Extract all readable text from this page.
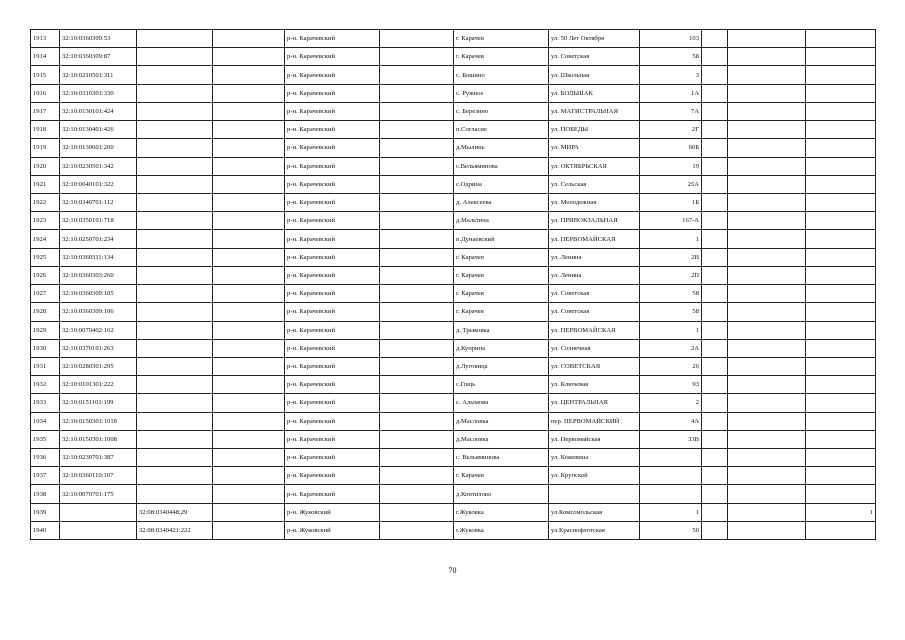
1913	32:10:0360309:53			р-н. Карачевский		г. Карачев	ул. 50 Лет Октября	103			
1914	32:10:0360309:87			р-н. Карачевский		г. Карачев	ул. Советская	58			
1915	32:10:0210501:311			р-н. Карачевский		с. Бошино	ул. Школьная	3			
1916	32:10:0310301:330			р-н. Карачевский		с. Ружное	ул. БОЛЬШАК	1А			
1917	32:10:0130101:424			р-н. Карачевский		с. Березино	ул. МАГИСТРАЛЬНАЯ	7А			
1918	32:10:0130401:426			р-н. Карачевский		п.Согласие	ул. ПОБЕДЫ	2Г			
1919	32:10:0130601:200			р-н. Карачевский		д.Мылинь	ул. МИРА	60Б			
1920	32:10:0230501:342			р-н. Карачевский		с.Вельяминова	ул. ОКТЯБРЬСКАЯ	19			
1921	32:10:0040101:322			р-н. Карачевский		с.Одрина	ул. Сельская	25А			
1922	32:10:0340701:112			р-н. Карачевский		д. Алексеева	ул. Молодежная	1Б			
1923	32:10:0350101:718			р-н. Карачевский		д.Мальтина	ул. ПРИВОКЗАЛЬНАЯ	167-А			
1924	32:10:0250701:234			р-н. Карачевский		п.Дунаевский	ул. ПЕРВОМАЙСКАЯ	1			
1925	32:10:0360311:134			р-н. Карачевский		г. Карачев	ул. Ленина	2В			
1926	32:10:0360303:260			р-н. Карачевский		г. Карачев	ул. Ленина	2П			
1927	32:10:0360309:105			р-н. Карачевский		г. Карачев	ул. Советская	58			
1928	32:10:0360309:106			р-н. Карачевский		г. Карачев	ул. Советская	58			
1929	32:10:0070402:162			р-н. Карачевский		д. Трыковка	ул. ПЕРВОМАЙСКАЯ	1			
1930	32:10:0370101:263			р-н. Карачевский		д.Куприна	ул. Солнечная	2А			
1931	32:10:0280301:295			р-н. Карачевский		д.Луговица	ул. СОВЕТСКАЯ	26			
1932	32:10:0101301:222			р-н. Карачевский		с.Гощь	ул. Ключевая	93			
1933	32:10:0151101:199			р-н. Карачевский		с. Алымова	ул. ЦЕНТРАЛЬНАЯ	2			
1934	32:10:0150301:1018			р-н. Карачевский		д.Масловка	пер. ПЕРВОМАЙСКИЙ	4А			
1935	32:10:0150301:1008			р-н. Карачевский		д.Масловка	ул. Первомайская	33В			
1936	32:10:0230701:387			р-н. Карачевский		с. Вельяминова	ул. Кожевина				
1937	32:10:0360110:107			р-н. Карачевский		г. Карачев	ул. Крупской				
1938	32:10:0070701:175			р-н. Карачевский		д.Коптилово					
1939		32:08:0340448:29		р-н. Жуковский		г.Жуковка	ул.Комсомольская	1			1
1940		32:08:0340421:222		р-н. Жуковский		г.Жуковка	ул.Краснофлотская	50			
70
